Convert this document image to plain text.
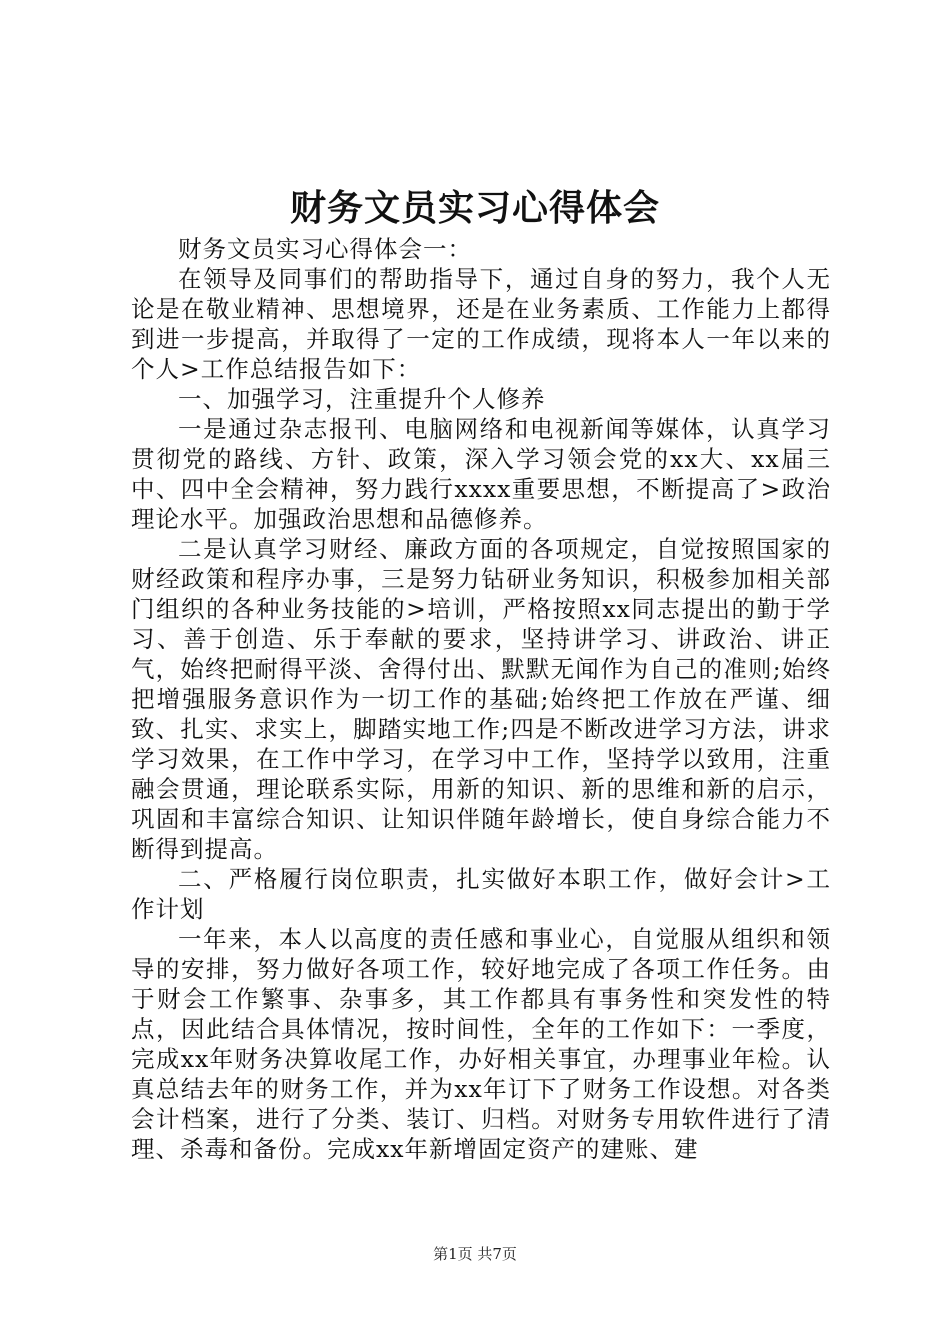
财务文员实习心得体会

财务文员实习心得体会一：

在领导及同事们的帮助指导下，通过自身的努力，我个人无论是在敬业精神、思想境界，还是在业务素质、工作能力上都得到进一步提高，并取得了一定的工作成绩，现将本人一年以来的个人>工作总结报告如下：

一、加强学习，注重提升个人修养

一是通过杂志报刊、电脑网络和电视新闻等媒体，认真学习贯彻党的路线、方针、政策，深入学习领会党的xx大、xx届三中、四中全会精神，努力践行xxxx重要思想，不断提高了>政治理论水平。加强政治思想和品德修养。

二是认真学习财经、廉政方面的各项规定，自觉按照国家的财经政策和程序办事，三是努力钻研业务知识，积极参加相关部门组织的各种业务技能的>培训，严格按照xx同志提出的勤于学习、善于创造、乐于奉献的要求，坚持讲学习、讲政治、讲正气，始终把耐得平淡、舍得付出、默默无闻作为自己的准则;始终把增强服务意识作为一切工作的基础;始终把工作放在严谨、细致、扎实、求实上，脚踏实地工作;四是不断改进学习方法，讲求学习效果，在工作中学习，在学习中工作，坚持学以致用，注重融会贯通，理论联系实际，用新的知识、新的思维和新的启示，巩固和丰富综合知识、让知识伴随年龄增长，使自身综合能力不断得到提高。

二、严格履行岗位职责，扎实做好本职工作，做好会计>工作计划

一年来，本人以高度的责任感和事业心，自觉服从组织和领导的安排，努力做好各项工作，较好地完成了各项工作任务。由于财会工作繁事、杂事多，其工作都具有事务性和突发性的特点，因此结合具体情况，按时间性，全年的工作如下：一季度，完成xx年财务决算收尾工作，办好相关事宜，办理事业年检。认真总结去年的财务工作，并为xx年订下了财务工作设想。对各类会计档案，进行了分类、装订、归档。对财务专用软件进行了清理、杀毒和备份。完成xx年新增固定资产的建账、建

第1页 共7页
